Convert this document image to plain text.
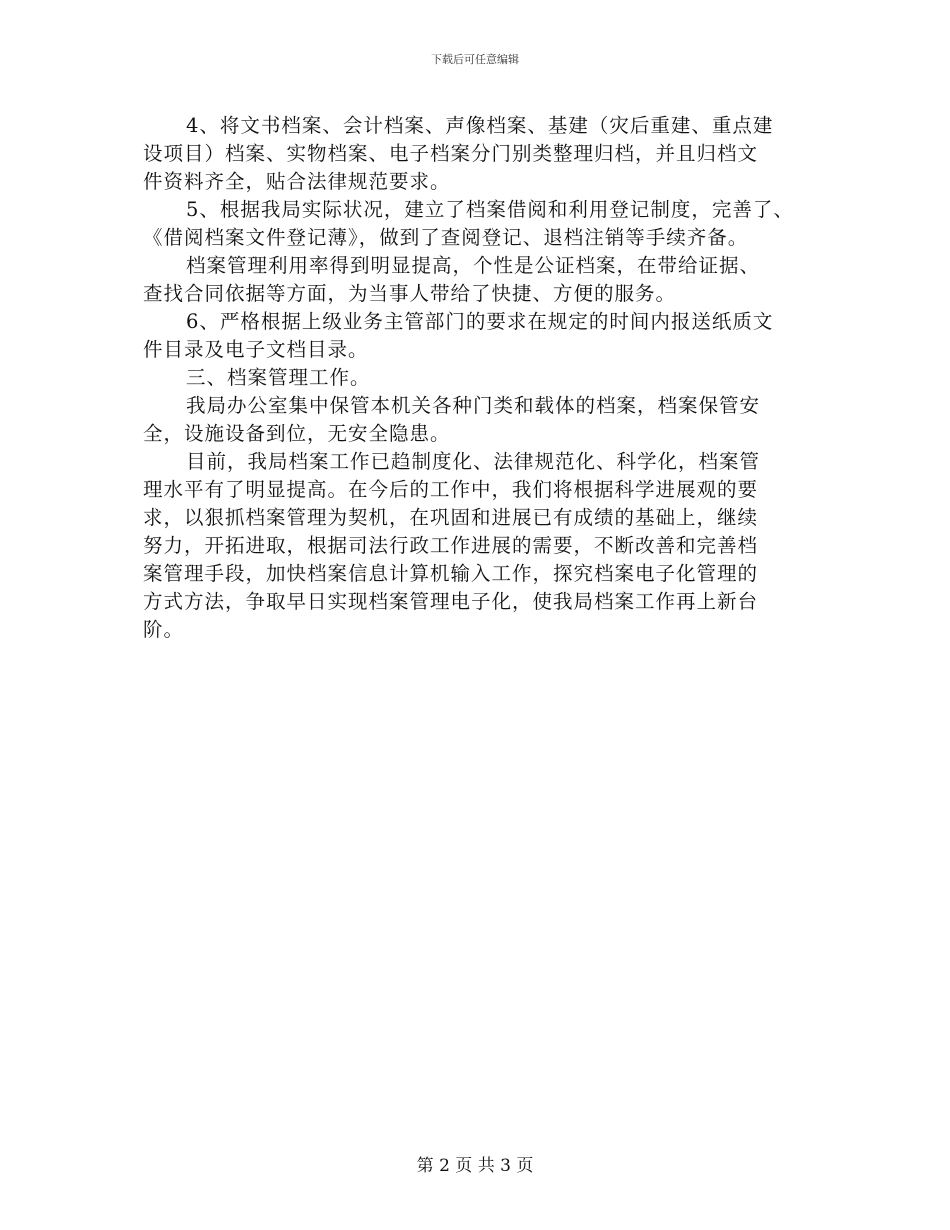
下载后可任意编辑
4、将文书档案、会计档案、声像档案、基建（灾后重建、重点建
设项目）档案、实物档案、电子档案分门别类整理归档，并且归档文
件资料齐全，贴合法律规范要求。
5、根据我局实际状况，建立了档案借阅和利用登记制度，完善了、
《借阅档案文件登记薄》，做到了查阅登记、退档注销等手续齐备。
档案管理利用率得到明显提高，个性是公证档案，在带给证据、
查找合同依据等方面，为当事人带给了快捷、方便的服务。
6、严格根据上级业务主管部门的要求在规定的时间内报送纸质文
件目录及电子文档目录。
三、档案管理工作。
我局办公室集中保管本机关各种门类和载体的档案，档案保管安
全，设施设备到位，无安全隐患。
目前，我局档案工作已趋制度化、法律规范化、科学化，档案管
理水平有了明显提高。在今后的工作中，我们将根据科学进展观的要
求，以狠抓档案管理为契机，在巩固和进展已有成绩的基础上，继续
努力，开拓进取，根据司法行政工作进展的需要，不断改善和完善档
案管理手段，加快档案信息计算机输入工作，探究档案电子化管理的
方式方法，争取早日实现档案管理电子化，使我局档案工作再上新台
阶。
第 2 页 共 3 页
